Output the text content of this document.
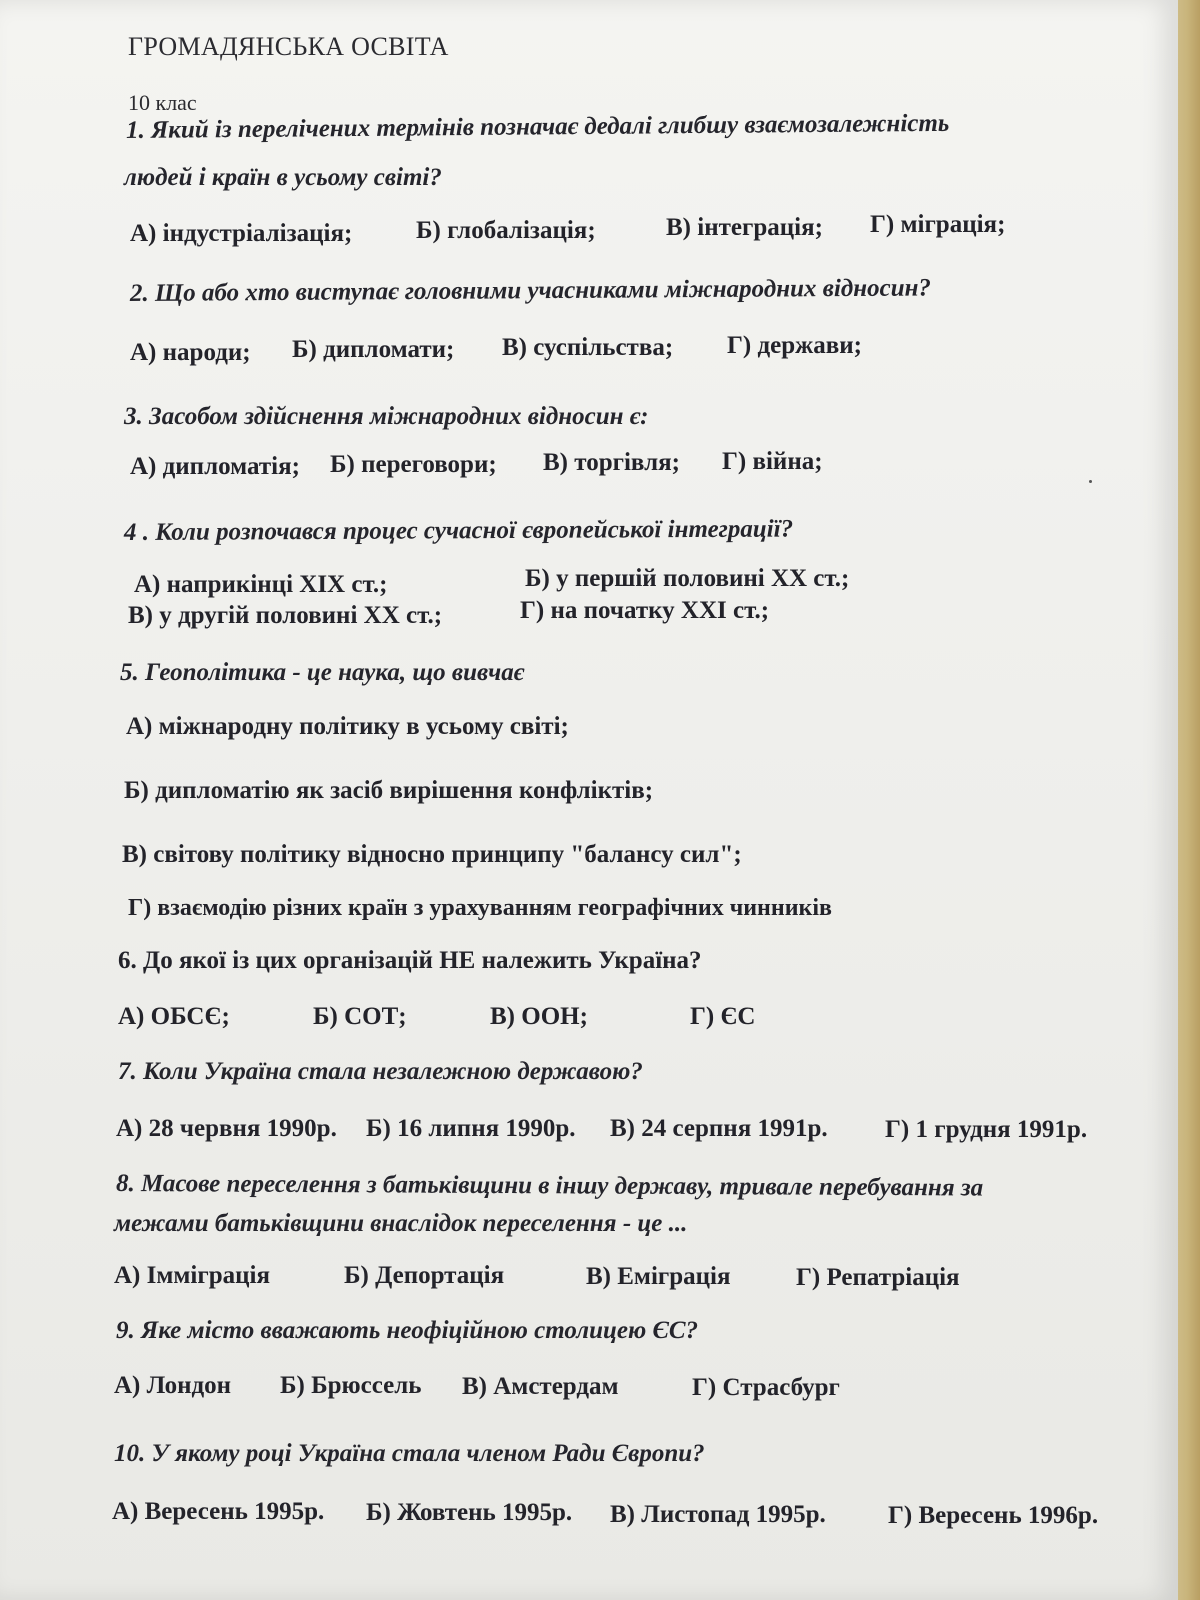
ГРОМАДЯНСЬКА ОСВІТА
10 клас
1. Який із перелічених термінів позначає дедалі глибшу взаємозалежність
людей і країн в усьому світі?
А) індустріалізація;	Б) глобалізація;	В) інтеграція; Г) міграція;
2. Що або хто виступає головними учасниками міжнародних відносин?
А) народи; Б) дипломати; В) суспільства; Г) держави;
3. Засобом здійснення міжнародних відносин є:
А) дипломатія; Б) переговори; В) торгівля; Г) війна;
4 . Коли розпочався процес сучасної європейської інтеграції?
А) наприкінці XIX ст.;	Б) у першій половині XX ст.;
В) у другій половині XX ст.;	Г) на початку XXI ст.;
5. Геополітика - це наука, що вивчає
А) міжнародну політику в усьому світі;
Б) дипломатію як засіб вирішення конфліктів;
В) світову політику відносно принципу "балансу сил";
Г) взаємодію різних країн з урахуванням географічних чинників
6. До якої із цих організацій НЕ належить Україна?
А) ОБСЄ;	Б) СОТ;	В) ООН;	Г) ЄС
7. Коли Україна стала незалежною державою?
А) 28 червня 1990р. Б) 16 липня 1990р. В) 24 серпня 1991р. Г) 1 грудня 1991р.
8. Масове переселення з батьківщини в іншу державу, тривале перебування за
межами батьківщини внаслідок переселення - це ...
А) Імміграція	Б) Депортація	В) Еміграція	Г) Репатріація
9. Яке місто вважають неофіційною столицею ЄС?
А) Лондон Б) Брюссель В) Амстердам	Г) Страсбург
10. У якому році Україна стала членом Ради Європи?
А) Вересень 1995р. Б) Жовтень 1995р. В) Листопад 1995р. Г) Вересень 1996р.
